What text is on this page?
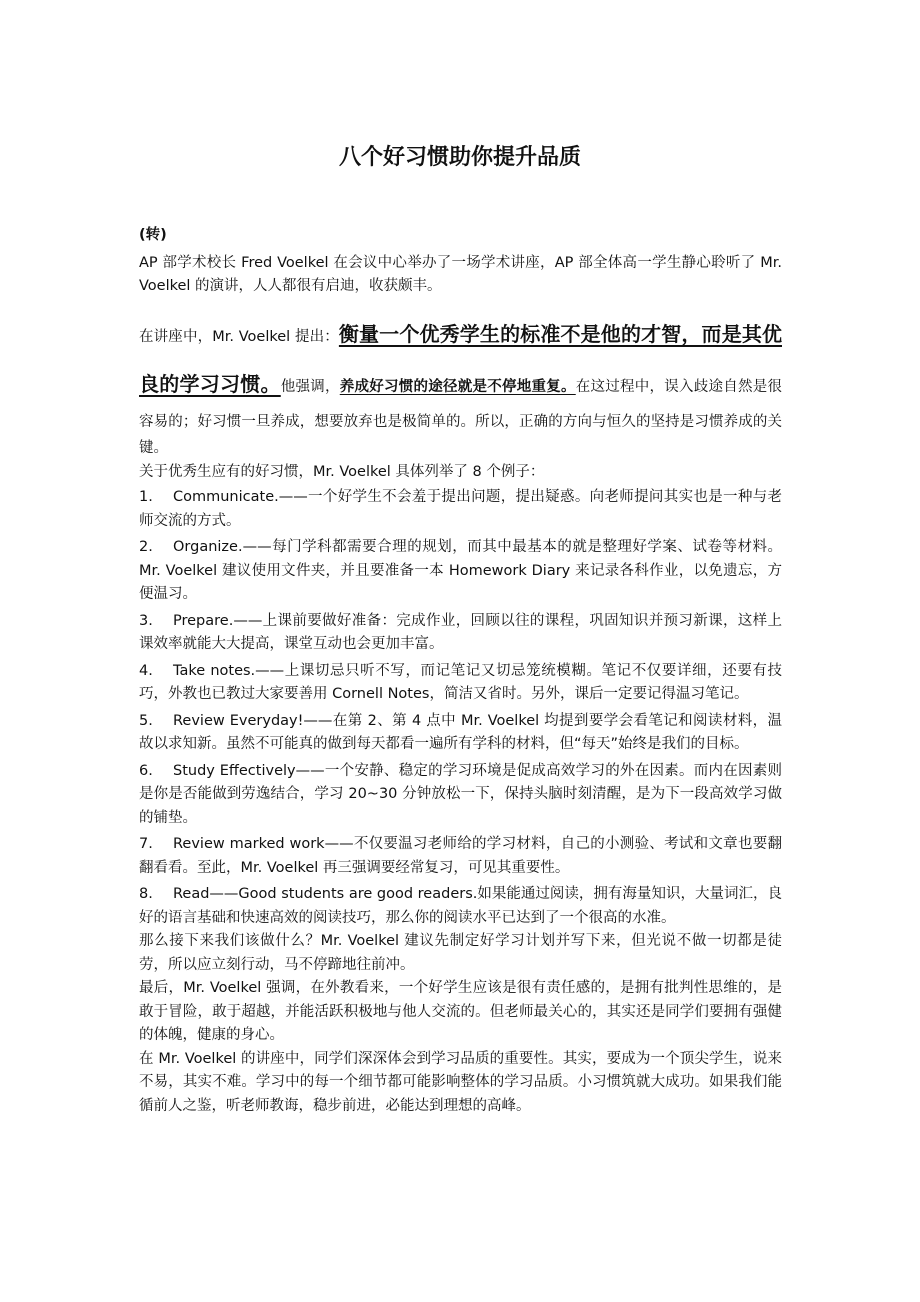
八个好习惯助你提升品质

(转)

AP 部学术校长 Fred Voelkel 在会议中心举办了一场学术讲座，AP 部全体高一学生静心聆听了 Mr. Voelkel 的演讲，人人都很有启迪，收获颇丰。

在讲座中，Mr. Voelkel 提出：衡量一个优秀学生的标准不是他的才智，而是其优良的学习习惯。他强调，养成好习惯的途径就是不停地重复。在这过程中，误入歧途自然是很容易的；好习惯一旦养成，想要放弃也是极简单的。所以，正确的方向与恒久的坚持是习惯养成的关键。

关于优秀生应有的好习惯，Mr. Voelkel 具体列举了 8 个例子：

1. Communicate.——一个好学生不会羞于提出问题，提出疑惑。向老师提问其实也是一种与老师交流的方式。
2. Organize.——每门学科都需要合理的规划，而其中最基本的就是整理好学案、试卷等材料。Mr. Voelkel 建议使用文件夹，并且要准备一本 Homework Diary 来记录各科作业，以免遗忘，方便温习。
3. Prepare.——上课前要做好准备：完成作业，回顾以往的课程，巩固知识并预习新课，这样上课效率就能大大提高，课堂互动也会更加丰富。
4. Take notes.——上课切忌只听不写，而记笔记又切忌笼统模糊。笔记不仅要详细，还要有技巧，外教也已教过大家要善用 Cornell Notes，简洁又省时。另外，课后一定要记得温习笔记。
5. Review Everyday!——在第 2、第 4 点中 Mr. Voelkel 均提到要学会看笔记和阅读材料，温故以求知新。虽然不可能真的做到每天都看一遍所有学科的材料，但“每天”始终是我们的目标。
6. Study Effectively——一个安静、稳定的学习环境是促成高效学习的外在因素。而内在因素则是你是否能做到劳逸结合，学习 20~30 分钟放松一下，保持头脑时刻清醒，是为下一段高效学习做的铺垫。
7. Review marked work——不仅要温习老师给的学习材料，自己的小测验、考试和文章也要翻翻看看。至此，Mr. Voelkel 再三强调要经常复习，可见其重要性。
8. Read——Good students are good readers.如果能通过阅读，拥有海量知识，大量词汇，良好的语言基础和快速高效的阅读技巧，那么你的阅读水平已达到了一个很高的水准。

那么接下来我们该做什么？Mr. Voelkel 建议先制定好学习计划并写下来，但光说不做一切都是徒劳，所以应立刻行动，马不停蹄地往前冲。

最后，Mr. Voelkel 强调，在外教看来，一个好学生应该是很有责任感的，是拥有批判性思维的，是敢于冒险，敢于超越，并能活跃积极地与他人交流的。但老师最关心的，其实还是同学们要拥有强健的体魄，健康的身心。

在 Mr. Voelkel 的讲座中，同学们深深体会到学习品质的重要性。其实，要成为一个顶尖学生，说来不易，其实不难。学习中的每一个细节都可能影响整体的学习品质。小习惯筑就大成功。如果我们能循前人之鉴，听老师教诲，稳步前进，必能达到理想的高峰。
